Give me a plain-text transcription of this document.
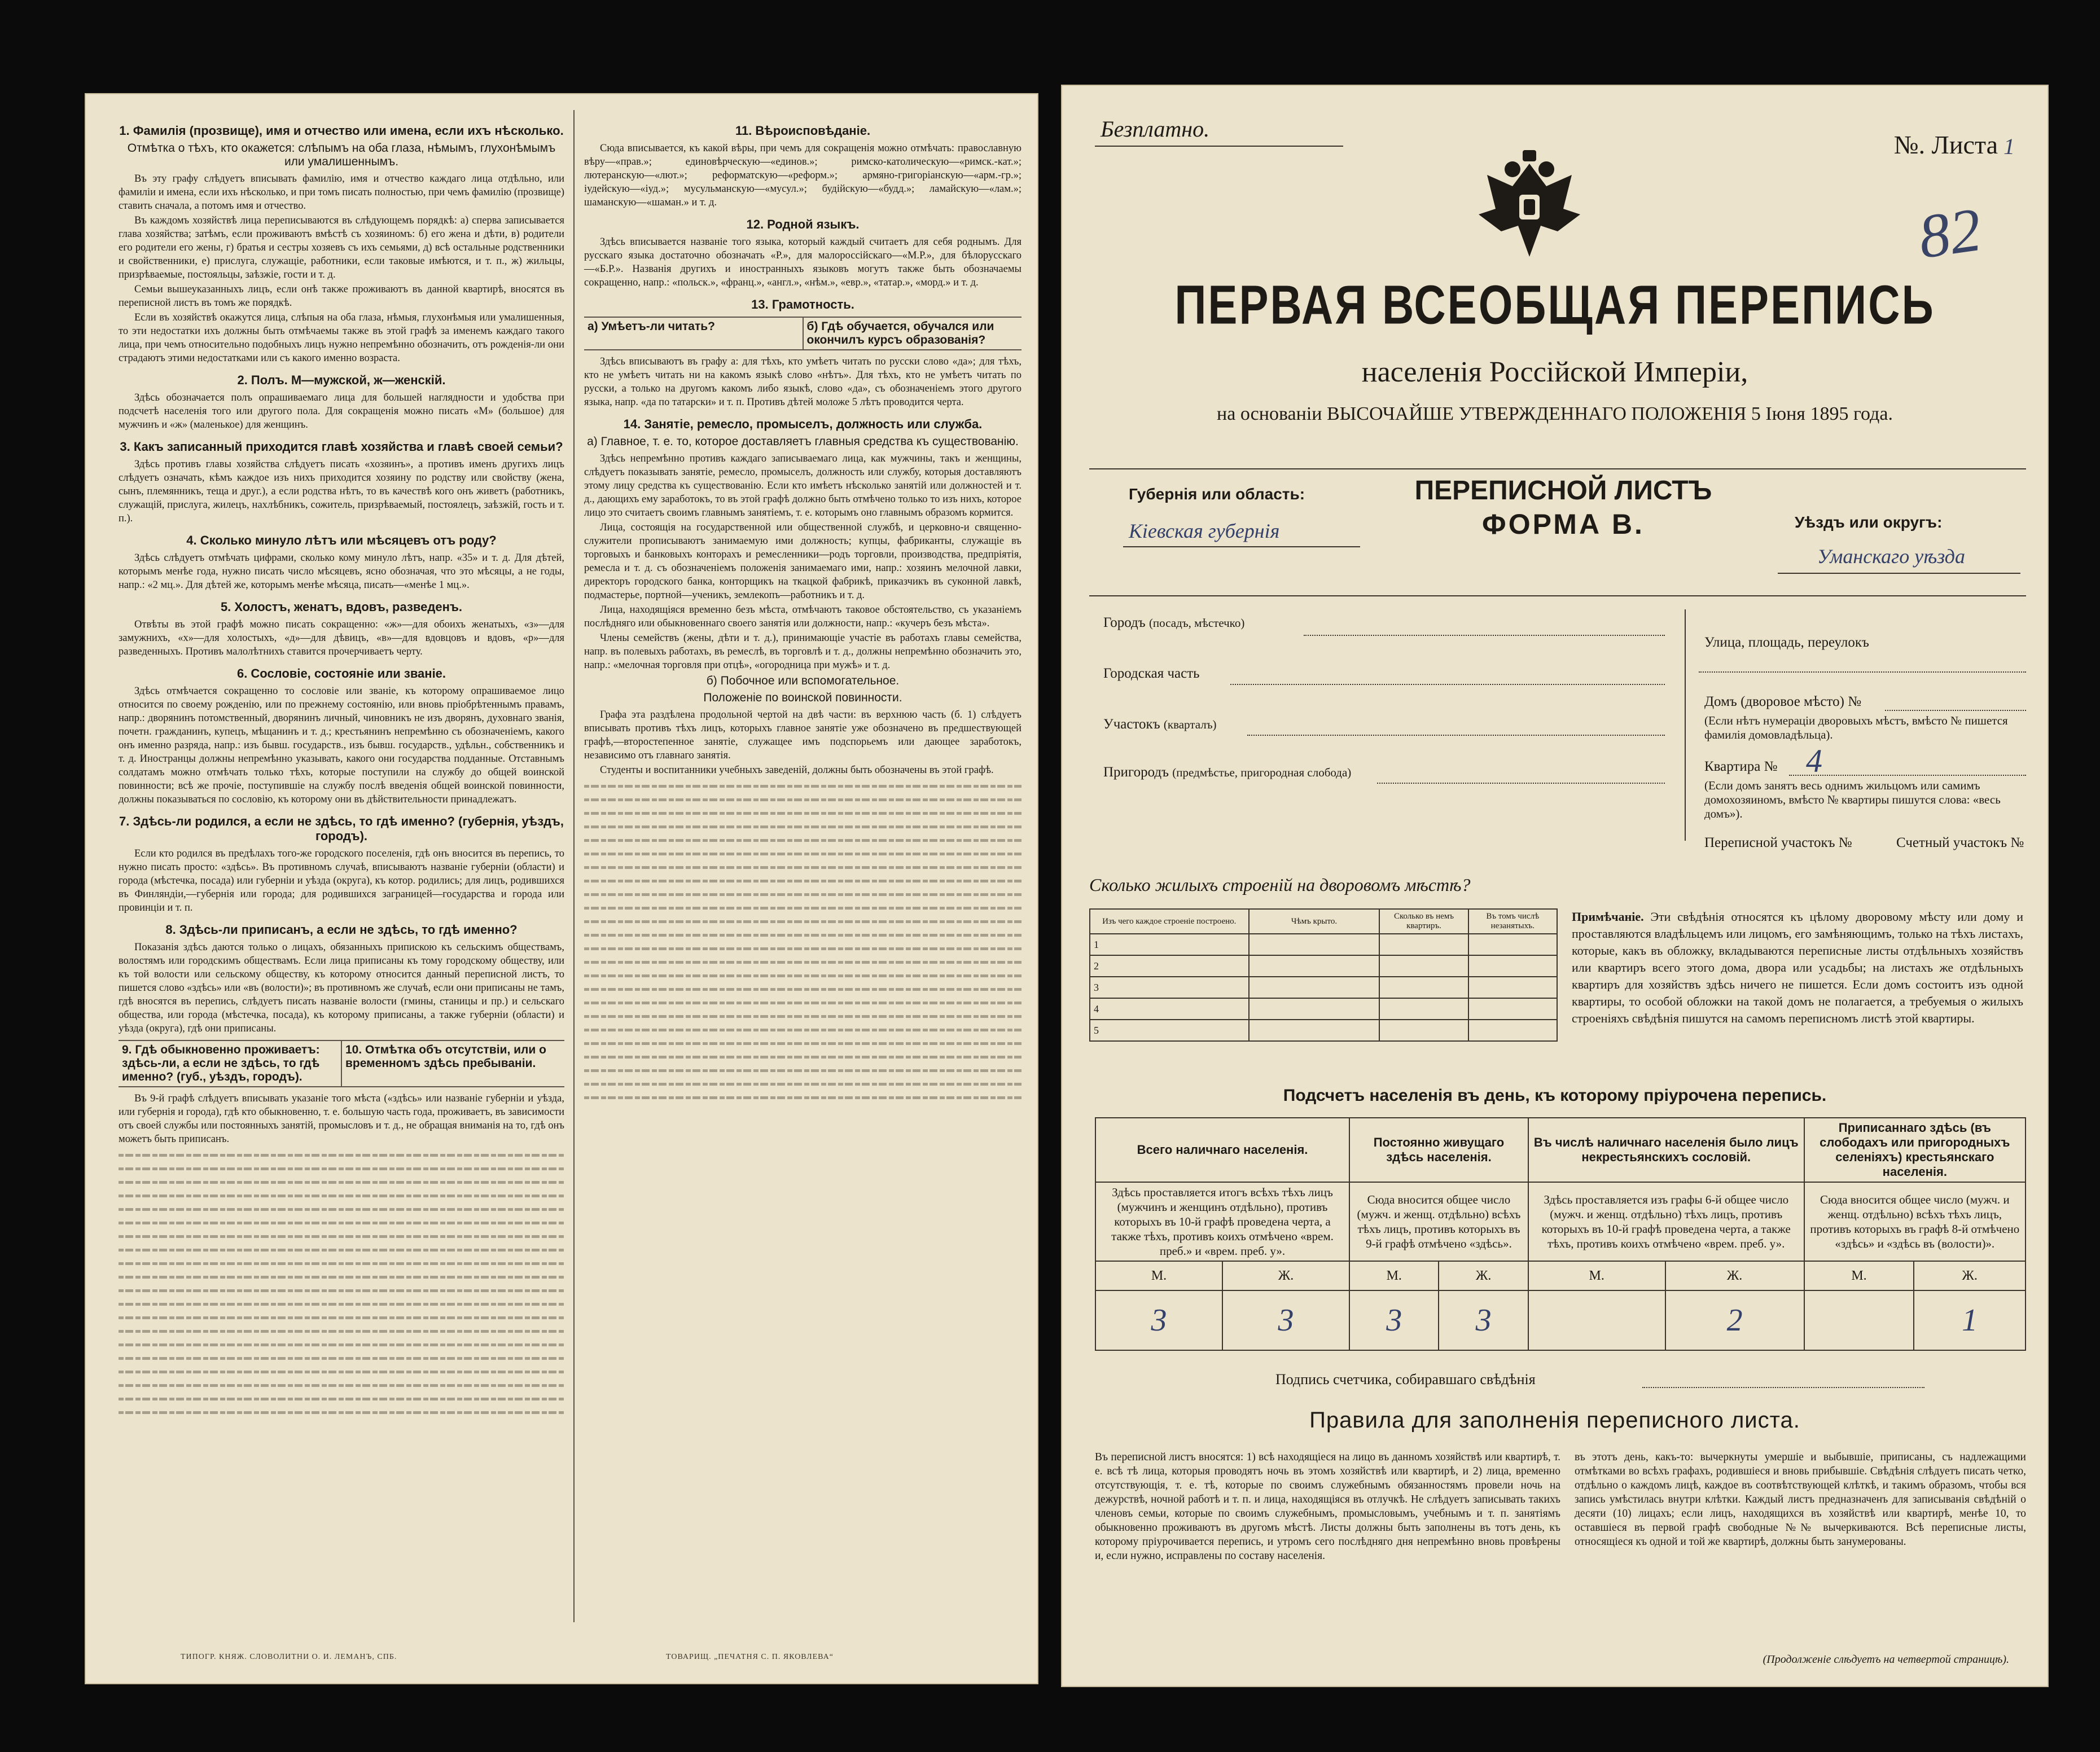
1. Фамилія (прозвище), имя и отчество или имена, если ихъ нѣсколько.
Отмѣтка о тѣхъ, кто окажется: слѣпымъ на оба глаза, нѣмымъ, глухонѣмымъ или умалишеннымъ.

Въ эту графу слѣдуетъ вписывать фамилію, имя и отчество каждаго лица отдѣльно, или фамиліи и имена, если ихъ нѣсколько, и при томъ писать полностью, при чемъ фамилію (прозвище) ставить сначала, а потомъ имя и отчество.

Въ каждомъ хозяйствѣ лица переписываются въ слѣдующемъ порядкѣ: а) сперва записывается глава хозяйства; затѣмъ, если проживаютъ вмѣстѣ съ хозяиномъ: б) его жена и дѣти, в) родители его родители его жены, г) братья и сестры хозяевъ съ ихъ семьями, д) всѣ остальные родственники и свойственники, е) прислуга, служащіе, работники, если таковые имѣются, и т. п., ж) жильцы, призрѣваемые, постояльцы, заѣзжіе, гости и т. д.

Семьи вышеуказанныхъ лицъ, если онѣ также проживаютъ въ данной квартирѣ, вносятся въ переписной листъ въ томъ же порядкѣ.

Если въ хозяйствѣ окажутся лица, слѣпыя на оба глаза, нѣмыя, глухонѣмыя или умалишенныя, то эти недостатки ихъ должны быть отмѣчаемы также въ этой графѣ за именемъ каждаго такого лица, при чемъ относительно подобныхъ лицъ нужно непремѣнно обозначить, отъ рожденія-ли они страдаютъ этими недостатками или съ какого именно возраста.

2. Полъ. М—мужской, ж—женскій.

Здѣсь обозначается полъ опрашиваемаго лица для большей наглядности и удобства при подсчетѣ населенія того или другого пола. Для сокращенія можно писать «М» (большое) для мужчинъ и «ж» (маленькое) для женщинъ.

3. Какъ записанный приходится главѣ хозяйства и главѣ своей семьи?

Здѣсь противъ главы хозяйства слѣдуетъ писать «хозяинъ», а противъ именъ другихъ лицъ слѣдуетъ означать, кѣмъ каждое изъ нихъ приходится хозяину по родству или свойству (жена, сынъ, племянникъ, теща и друг.), а если родства нѣтъ, то въ качествѣ кого онъ живетъ (работникъ, служащій, прислуга, жилецъ, нахлѣбникъ, сожитель, призрѣваемый, постоялецъ, заѣзжій, гость и т. п.).

4. Сколько минуло лѣтъ или мѣсяцевъ отъ роду?

Здѣсь слѣдуетъ отмѣчать цифрами, сколько кому минуло лѣтъ, напр. «35» и т. д. Для дѣтей, которымъ менѣе года, нужно писать число мѣсяцевъ, ясно обозначая, что это мѣсяцы, а не годы, напр.: «2 мц.». Для дѣтей же, которымъ менѣе мѣсяца, писать—«менѣе 1 мц.».

5. Холостъ, женатъ, вдовъ, разведенъ.

Отвѣты въ этой графѣ можно писать сокращенно: «ж»—для обоихъ женатыхъ, «з»—для замужнихъ, «х»—для холостыхъ, «д»—для дѣвицъ, «в»—для вдовцовъ и вдовъ, «р»—для разведенныхъ. Противъ малолѣтнихъ ставится прочерчиваетъ черту.

6. Сословіе, состояніе или званіе.

Здѣсь отмѣчается сокращенно то сословіе или званіе, къ которому опрашиваемое лицо относится по своему рожденію, или по прежнему состоянію, или вновь пріобрѣтеннымъ правамъ, напр.: дворянинъ потомственный, дворянинъ личный, чиновникъ не изъ дворянъ, духовнаго званія, почетн. гражданинъ, купецъ, мѣщанинъ и т. д.; крестьянинъ непремѣнно съ обозначеніемъ, какого онъ именно разряда, напр.: изъ бывш. государств., изъ бывш. государств., удѣльн., собственникъ и т. д. Иностранцы должны непремѣнно указывать, какого они государства подданные. Отставнымъ солдатамъ можно отмѣчать только тѣхъ, которые поступили на службу до общей воинской повинности; всѣ же прочіе, поступившіе на службу послѣ введенія общей воинской повинности, должны показываться по сословію, къ которому они въ дѣйствительности принадлежатъ.

7. Здѣсь-ли родился, а если не здѣсь, то гдѣ именно? (губернія, уѣздъ, городъ).

Если кто родился въ предѣлахъ того-же городского поселенія, гдѣ онъ вносится въ перепись, то нужно писать просто: «здѣсь». Въ противномъ случаѣ, вписываютъ названіе губерніи (области) и города (мѣстечка, посада) или губерніи и уѣзда (округа), къ котор. родились; для лицъ, родившихся въ Финляндіи,—губернія или города; для родившихся заграницей—государства и города или провинціи и т. п.

8. Здѣсь-ли приписанъ, а если не здѣсь, то гдѣ именно?

Показанія здѣсь даются только о лицахъ, обязанныхъ припискою къ сельскимъ обществамъ, волостямъ или городскимъ обществамъ. Если лица приписаны къ тому городскому обществу, или къ той волости или сельскому обществу, къ которому относится данный переписной листъ, то пишется слово «здѣсь» или «въ (волости)»; въ противномъ же случаѣ, если они приписаны не тамъ, гдѣ вносятся въ перепись, слѣдуетъ писать названіе волости (гмины, станицы и пр.) и сельскаго общества, или города (мѣстечка, посада), къ которому приписаны, а также губерніи (области) и уѣзда (округа), гдѣ они приписаны.

9. Гдѣ обыкновенно проживаетъ: здѣсь-ли, а если не здѣсь, то гдѣ именно? (губ., уѣздъ, городъ).
10. Отмѣтка объ отсутствіи, или о временномъ здѣсь пребываніи.

Въ 9-й графѣ слѣдуетъ вписывать указаніе того мѣста («здѣсь» или названіе губерніи и уѣзда, или губернія и города), гдѣ кто обыкновенно, т. е. большую часть года, проживаетъ, въ зависимости отъ своей службы или постоянныхъ занятій, промысловъ и т. д., не обращая вниманія на то, гдѣ онъ можетъ быть приписанъ.

11. Вѣроисповѣданіе.

Сюда вписывается, къ какой вѣры, при чемъ для сокращенія можно отмѣчать: православную вѣру—«прав.»; единовѣрческую—«единов.»; римско-католическую—«римск.-кат.»; лютеранскую—«лют.»; реформатскую—«реформ.»; армяно-григоріанскую—«арм.-гр.»; іудейскую—«іуд.»; мусульманскую—«мусул.»; будійскую—«будд.»; ламайскую—«лам.»; шаманскую—«шаман.» и т. д.

12. Родной языкъ.

Здѣсь вписывается названіе того языка, который каждый считаетъ для себя роднымъ. Для русскаго языка достаточно обозначать «Р.», для малороссійскаго—«М.Р.», для бѣлорусскаго—«Б.Р.». Названія другихъ и иностранныхъ языковъ могутъ также быть обозначаемы сокращенно, напр.: «польск.», «франц.», «англ.», «нѣм.», «евр.», «татар.», «морд.» и т. д.

13. Грамотность.
а) Умѣетъ-ли читать?	б) Гдѣ обучается, обучался или окончилъ курсъ образованія?

Здѣсь вписываютъ въ графу а: для тѣхъ, кто умѣетъ читать по русски слово «да»; для тѣхъ, кто не умѣетъ читать ни на какомъ языкѣ слово «нѣтъ». Для тѣхъ, кто не умѣетъ читать по русски, а только на другомъ какомъ либо языкѣ, слово «да», съ обозначеніемъ этого другого языка, напр. «да по татарски» и т. п. Противъ дѣтей моложе 5 лѣтъ проводится черта.

14. Занятіе, ремесло, промыселъ, должность или служба.
а) Главное, т. е. то, которое доставляетъ главныя средства къ существованію.

Здѣсь непремѣнно противъ каждаго записываемаго лица, как мужчины, такъ и женщины, слѣдуетъ показывать занятіе, ремесло, промыселъ, должность или службу, которыя доставляютъ этому лицу средства къ существованію. Если кто имѣетъ нѣсколько занятій или должностей и т. д., дающихъ ему заработокъ, то въ этой графѣ должно быть отмѣчено только то изъ нихъ, которое лицо это считаетъ своимъ главнымъ занятіемъ, т. е. которымъ оно главнымъ образомъ кормится.

Лица, состоящія на государственной или общественной службѣ, и церковно-и священно-служители прописываютъ занимаемую ими должность; купцы, фабриканты, служащіе въ торговыхъ и банковыхъ конторахъ и ремесленники—родъ торговли, производства, предпріятія, ремесла и т. д. съ обозначеніемъ положенія занимаемаго ими, напр.: хозяинъ мелочной лавки, директоръ городского банка, конторщикъ на ткацкой фабрикѣ, приказчикъ въ суконной лавкѣ, подмастерье, портной—ученикъ, землекопъ—работникъ и т. д.

Лица, находящіяся временно безъ мѣста, отмѣчаютъ таковое обстоятельство, съ указаніемъ послѣдняго или обыкновеннаго своего занятія или должности, напр.: «кучеръ безъ мѣста».

Члены семействъ (жены, дѣти и т. д.), принимающіе участіе въ работахъ главы семейства, напр. въ полевыхъ работахъ, въ ремеслѣ, въ торговлѣ и т. д., должны непремѣнно обозначить это, напр.: «мелочная торговля при отцѣ», «огородница при мужѣ» и т. д.

б) Побочное или вспомогательное.
Положеніе по воинской повинности.

Графа эта раздѣлена продольной чертой на двѣ части: въ верхнюю часть (б. 1) слѣдуетъ вписывать противъ тѣхъ лицъ, которыхъ главное занятіе уже обозначено въ предшествующей графѣ,—второстепенное занятіе, служащее имъ подспорьемъ или дающее заработокъ, независимо отъ главнаго занятія.

Студенты и воспитанники учебныхъ заведеній, должны быть обозначены въ этой графѣ.

ТИПОГР. КНЯЖ. СЛОВОЛИТНИ О. И. ЛЕМАНЪ, СПБ.	ТОВАРИЩ. „ПЕЧАТНЯ С. П. ЯКОВЛЕВА“
Безплатно.
№. Листа 1
82
ПЕРВАЯ ВСЕОБЩАЯ ПЕРЕПИСЬ
населенія Россійской Имперіи,
на основаніи ВЫСОЧАЙШЕ УТВЕРЖДЕННАГО ПОЛОЖЕНІЯ 5 Іюня 1895 года.
Губернія или область:
Кіевская губернія
ПЕРЕПИСНОЙ ЛИСТЪ
ФОРМА В.	Уѣздъ или округъ:
Уманскаго уѣзда
Городъ (посадъ, мѣстечко)
Городская часть
Участокъ (кварталъ)
Пригородъ (предмѣстье, пригородная слобода)
Улица, площадь, переулокъ
Домъ (дворовое мѣсто) №
(Если нѣтъ нумераціи дворовыхъ мѣстъ, вмѣсто № пишется фамилія домовладѣльца).
Квартира № 4
(Если домъ занятъ весь однимъ жильцомъ или самимъ домохозяиномъ, вмѣсто № квартиры пишутся слова: «весь домъ»).
Переписной участокъ №	Счетный участокъ №
Сколько жилыхъ строеній на дворовомъ мѣстѣ?
Изъ чего каждое строеніе построено.	Чѣмъ крыто.	Сколько въ немъ квартиръ.	Въ томъ числѣ незанятыхъ.
1			
2			
3			
4			
5			
Примѣчаніе. Эти свѣдѣнія относятся къ цѣлому дворовому мѣсту или дому и проставляются владѣльцемъ или лицомъ, его замѣняющимъ, только на тѣхъ листахъ, которые, какъ въ обложку, вкладываются переписные листы отдѣльныхъ хозяйствъ или квартиръ всего этого дома, двора или усадьбы; на листахъ же отдѣльныхъ квартиръ для хозяйствъ здѣсь ничего не пишется. Если домъ состоитъ изъ одной квартиры, то особой обложки на такой домъ не полагается, а требуемыя о жилыхъ строеніяхъ свѣдѣнія пишутся на самомъ переписномъ листѣ этой квартиры.
Подсчетъ населенія въ день, къ которому пріурочена перепись.
Всего наличнаго населенія.		Постоянно живущаго здѣсь населенія.		Въ числѣ наличнаго населенія было лицъ некрестьянскихъ сословій.		Приписаннаго здѣсь (въ слободахъ или пригородныхъ селеніяхъ) крестьянскаго населенія.	
Здѣсь проставляется итогъ всѣхъ тѣхъ лицъ (мужчинъ и женщинъ отдѣльно), противъ которыхъ въ 10-й графѣ проведена черта, а также тѣхъ, противъ коихъ отмѣчено «врем. преб.» и «врем. преб. у».		Сюда вносится общее число (мужч. и женщ. отдѣльно) всѣхъ тѣхъ лицъ, противъ которыхъ въ 9-й графѣ отмѣчено «здѣсь».		Здѣсь проставляется изъ графы 6-й общее число (мужч. и женщ. отдѣльно) тѣхъ лицъ, противъ которыхъ въ 10-й графѣ проведена черта, а также тѣхъ, противъ коихъ отмѣчено «врем. преб. у».		Сюда вносится общее число (мужч. и женщ. отдѣльно) всѣхъ тѣхъ лицъ, противъ которыхъ въ графѣ 8-й отмѣчено «здѣсь» и «здѣсь въ (волости)».	
М.	Ж.	М.	Ж.	М.	Ж.	М.	Ж.
3	3	3	3		2		1
Подпись счетчика, собиравшаго свѣдѣнія
Правила для заполненія переписного листа.
Въ переписной листъ вносятся: 1) всѣ находящіеся на лицо въ данномъ хозяйствѣ или квартирѣ, т. е. всѣ тѣ лица, которыя проводятъ ночь въ этомъ хозяйствѣ или квартирѣ, и 2) лица, временно отсутствующія, т. е. тѣ, которые по своимъ служебнымъ обязанностямъ провели ночь на дежурствѣ, ночной работѣ и т. п. и лица, находящіяся въ отлучкѣ. Не слѣдуетъ записывать такихъ членовъ семьи, которые по своимъ служебнымъ, промысловымъ, учебнымъ и т. п. занятіямъ обыкновенно проживаютъ въ другомъ мѣстѣ. Листы должны быть заполнены въ тотъ день, къ которому пріурочивается перепись, и утромъ сего послѣдняго дня непремѣнно вновь провѣрены и, если нужно, исправлены по составу населенія.
въ этотъ день, какъ-то: вычеркнуты умершіе и выбывшіе, приписаны, съ надлежащими отмѣтками во всѣхъ графахъ, родившіеся и вновь прибывшіе. Свѣдѣнія слѣдуетъ писать четко, отдѣльно о каждомъ лицѣ, каждое въ соотвѣтствующей клѣткѣ, и такимъ образомъ, чтобы вся запись умѣстилась внутри клѣтки. Каждый листъ предназначенъ для записыванія свѣдѣній о десяти (10) лицахъ; если лицъ, находящихся въ хозяйствѣ или квартирѣ, менѣе 10, то оставшіеся въ первой графѣ свободные №№ вычеркиваются. Всѣ переписные листы, относящіеся къ одной и той же квартирѣ, должны быть занумерованы.
(Продолженіе слѣдуетъ на четвертой страницѣ).
